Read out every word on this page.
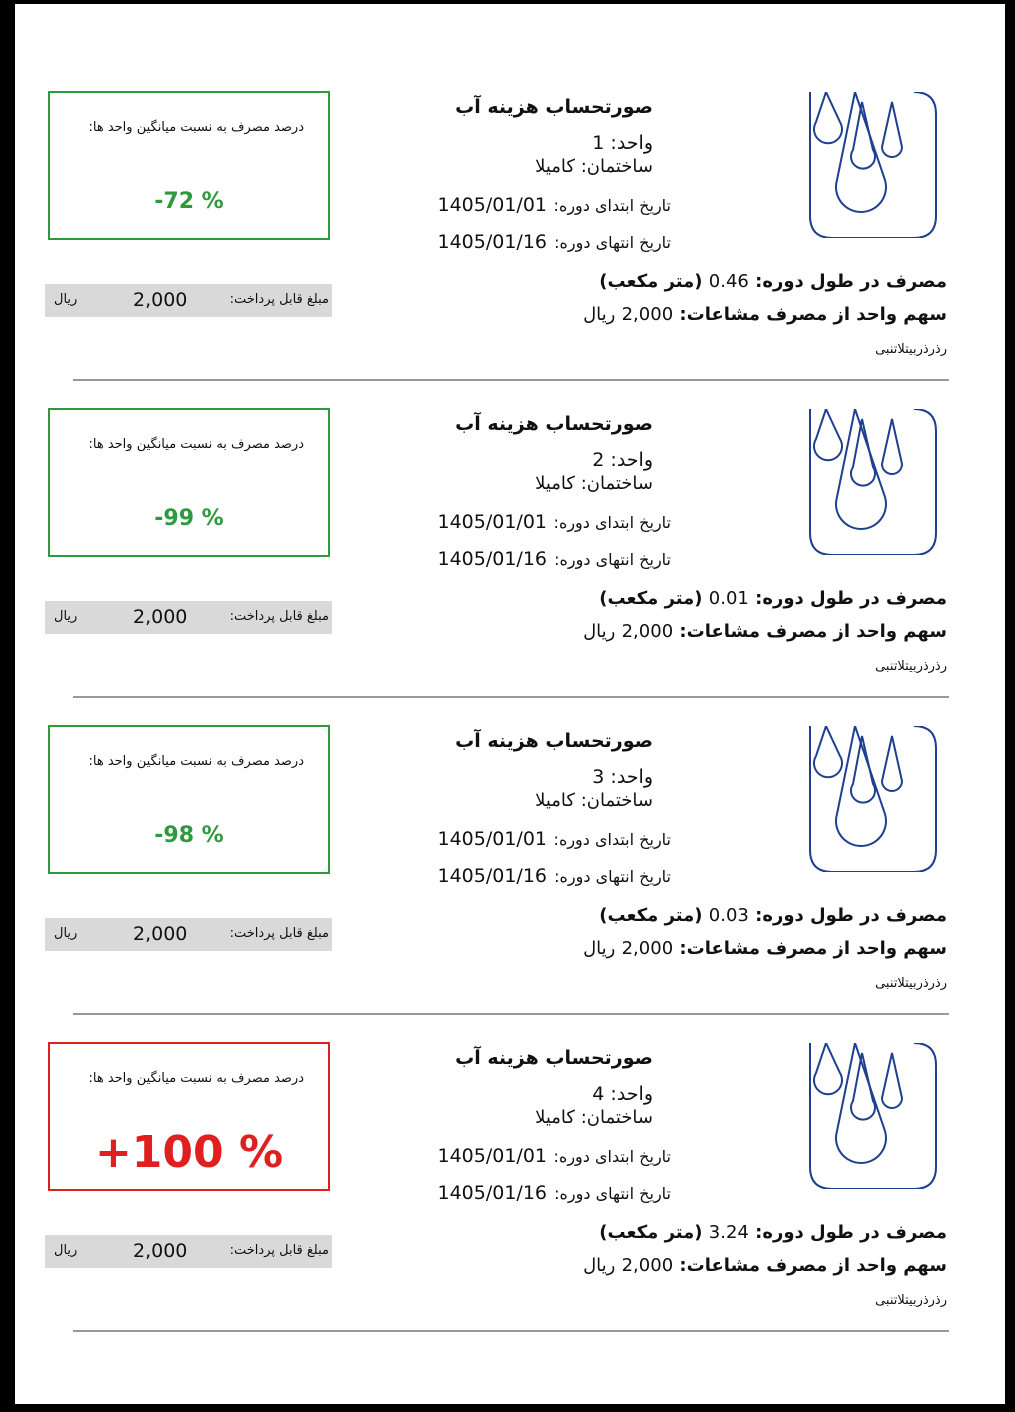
صورتحساب هزینه آب
واحد: 1
ساختمان: کامیلا
تاریخ ابتدای دوره:
1405/01/01
تاریخ انتهای دوره:
1405/01/16
مصرف در طول دوره: 0.46 (متر مکعب)
سهم واحد از مصرف مشاعات: 2,000 ریال
رذرذربیتلاتنبی
درصد مصرف به نسبت میانگین واحد ها:
-72 %
مبلغ قابل پرداخت:
2,000
ریال
صورتحساب هزینه آب
واحد: 2
ساختمان: کامیلا
تاریخ ابتدای دوره:
1405/01/01
تاریخ انتهای دوره:
1405/01/16
مصرف در طول دوره: 0.01 (متر مکعب)
سهم واحد از مصرف مشاعات: 2,000 ریال
رذرذربیتلاتنبی
درصد مصرف به نسبت میانگین واحد ها:
-99 %
مبلغ قابل پرداخت:
2,000
ریال
صورتحساب هزینه آب
واحد: 3
ساختمان: کامیلا
تاریخ ابتدای دوره:
1405/01/01
تاریخ انتهای دوره:
1405/01/16
مصرف در طول دوره: 0.03 (متر مکعب)
سهم واحد از مصرف مشاعات: 2,000 ریال
رذرذربیتلاتنبی
درصد مصرف به نسبت میانگین واحد ها:
-98 %
مبلغ قابل پرداخت:
2,000
ریال
صورتحساب هزینه آب
واحد: 4
ساختمان: کامیلا
تاریخ ابتدای دوره:
1405/01/01
تاریخ انتهای دوره:
1405/01/16
مصرف در طول دوره: 3.24 (متر مکعب)
سهم واحد از مصرف مشاعات: 2,000 ریال
رذرذربیتلاتنبی
درصد مصرف به نسبت میانگین واحد ها:
+100 %
مبلغ قابل پرداخت:
2,000
ریال
